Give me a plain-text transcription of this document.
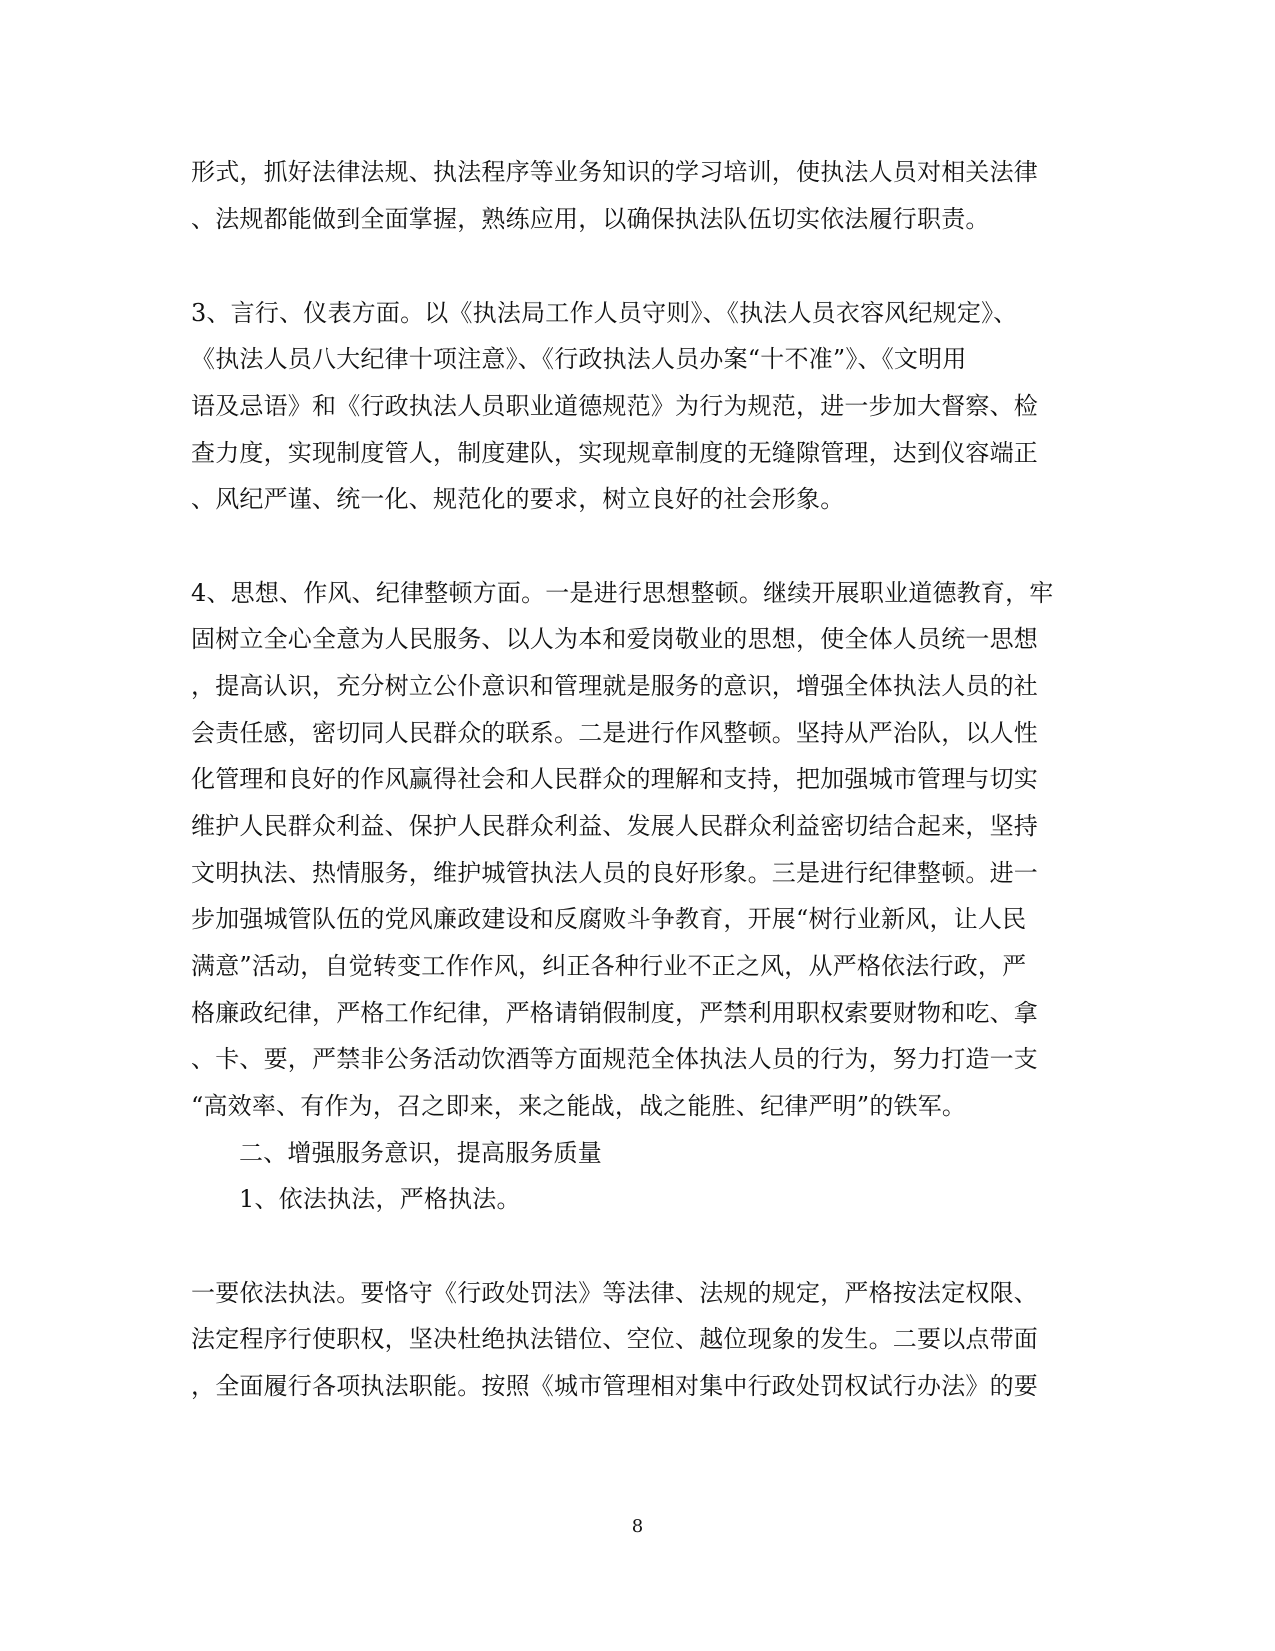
形式，抓好法律法规、执法程序等业务知识的学习培训，使执法人员对相关法律
、法规都能做到全面掌握，熟练应用，以确保执法队伍切实依法履行职责。
3、言行、仪表方面。以《执法局工作人员守则》、《执法人员衣容风纪规定》、
《执法人员八大纪律十项注意》、《行政执法人员办案“十不准”》、《文明用
语及忌语》和《行政执法人员职业道德规范》为行为规范，进一步加大督察、检
查力度，实现制度管人，制度建队，实现规章制度的无缝隙管理，达到仪容端正
、风纪严谨、统一化、规范化的要求，树立良好的社会形象。
4、思想、作风、纪律整顿方面。一是进行思想整顿。继续开展职业道德教育，牢
固树立全心全意为人民服务、以人为本和爱岗敬业的思想，使全体人员统一思想
，提高认识，充分树立公仆意识和管理就是服务的意识，增强全体执法人员的社
会责任感，密切同人民群众的联系。二是进行作风整顿。坚持从严治队，以人性
化管理和良好的作风赢得社会和人民群众的理解和支持，把加强城市管理与切实
维护人民群众利益、保护人民群众利益、发展人民群众利益密切结合起来，坚持
文明执法、热情服务，维护城管执法人员的良好形象。三是进行纪律整顿。进一
步加强城管队伍的党风廉政建设和反腐败斗争教育，开展“树行业新风，让人民
满意”活动，自觉转变工作作风，纠正各种行业不正之风，从严格依法行政，严
格廉政纪律，严格工作纪律，严格请销假制度，严禁利用职权索要财物和吃、拿
、卡、要，严禁非公务活动饮酒等方面规范全体执法人员的行为，努力打造一支
“高效率、有作为，召之即来，来之能战，战之能胜、纪律严明”的铁军。
二、增强服务意识，提高服务质量
1、依法执法，严格执法。
一要依法执法。要恪守《行政处罚法》等法律、法规的规定，严格按法定权限、
法定程序行使职权，坚决杜绝执法错位、空位、越位现象的发生。二要以点带面
，全面履行各项执法职能。按照《城市管理相对集中行政处罚权试行办法》的要
8
